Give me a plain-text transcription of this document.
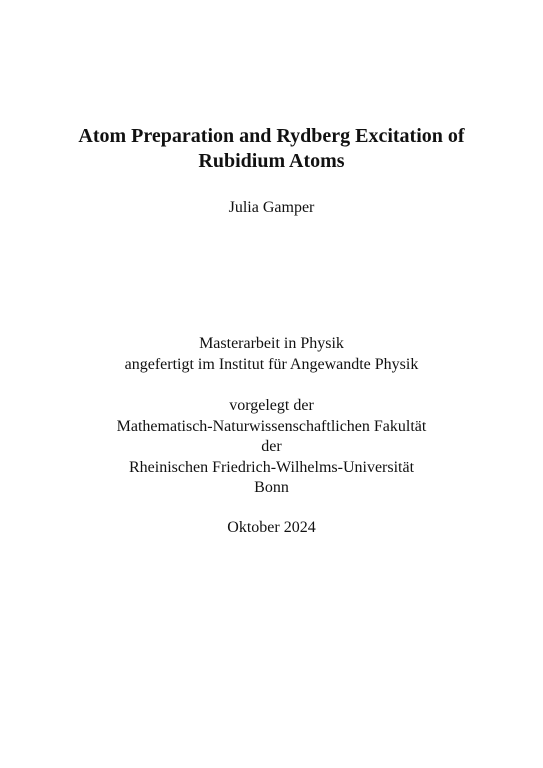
Atom Preparation and Rydberg Excitation of
Rubidium Atoms
Julia Gamper
Masterarbeit in Physik
angefertigt im Institut für Angewandte Physik
vorgelegt der
Mathematisch-Naturwissenschaftlichen Fakultät
der
Rheinischen Friedrich-Wilhelms-Universität
Bonn
Oktober 2024
